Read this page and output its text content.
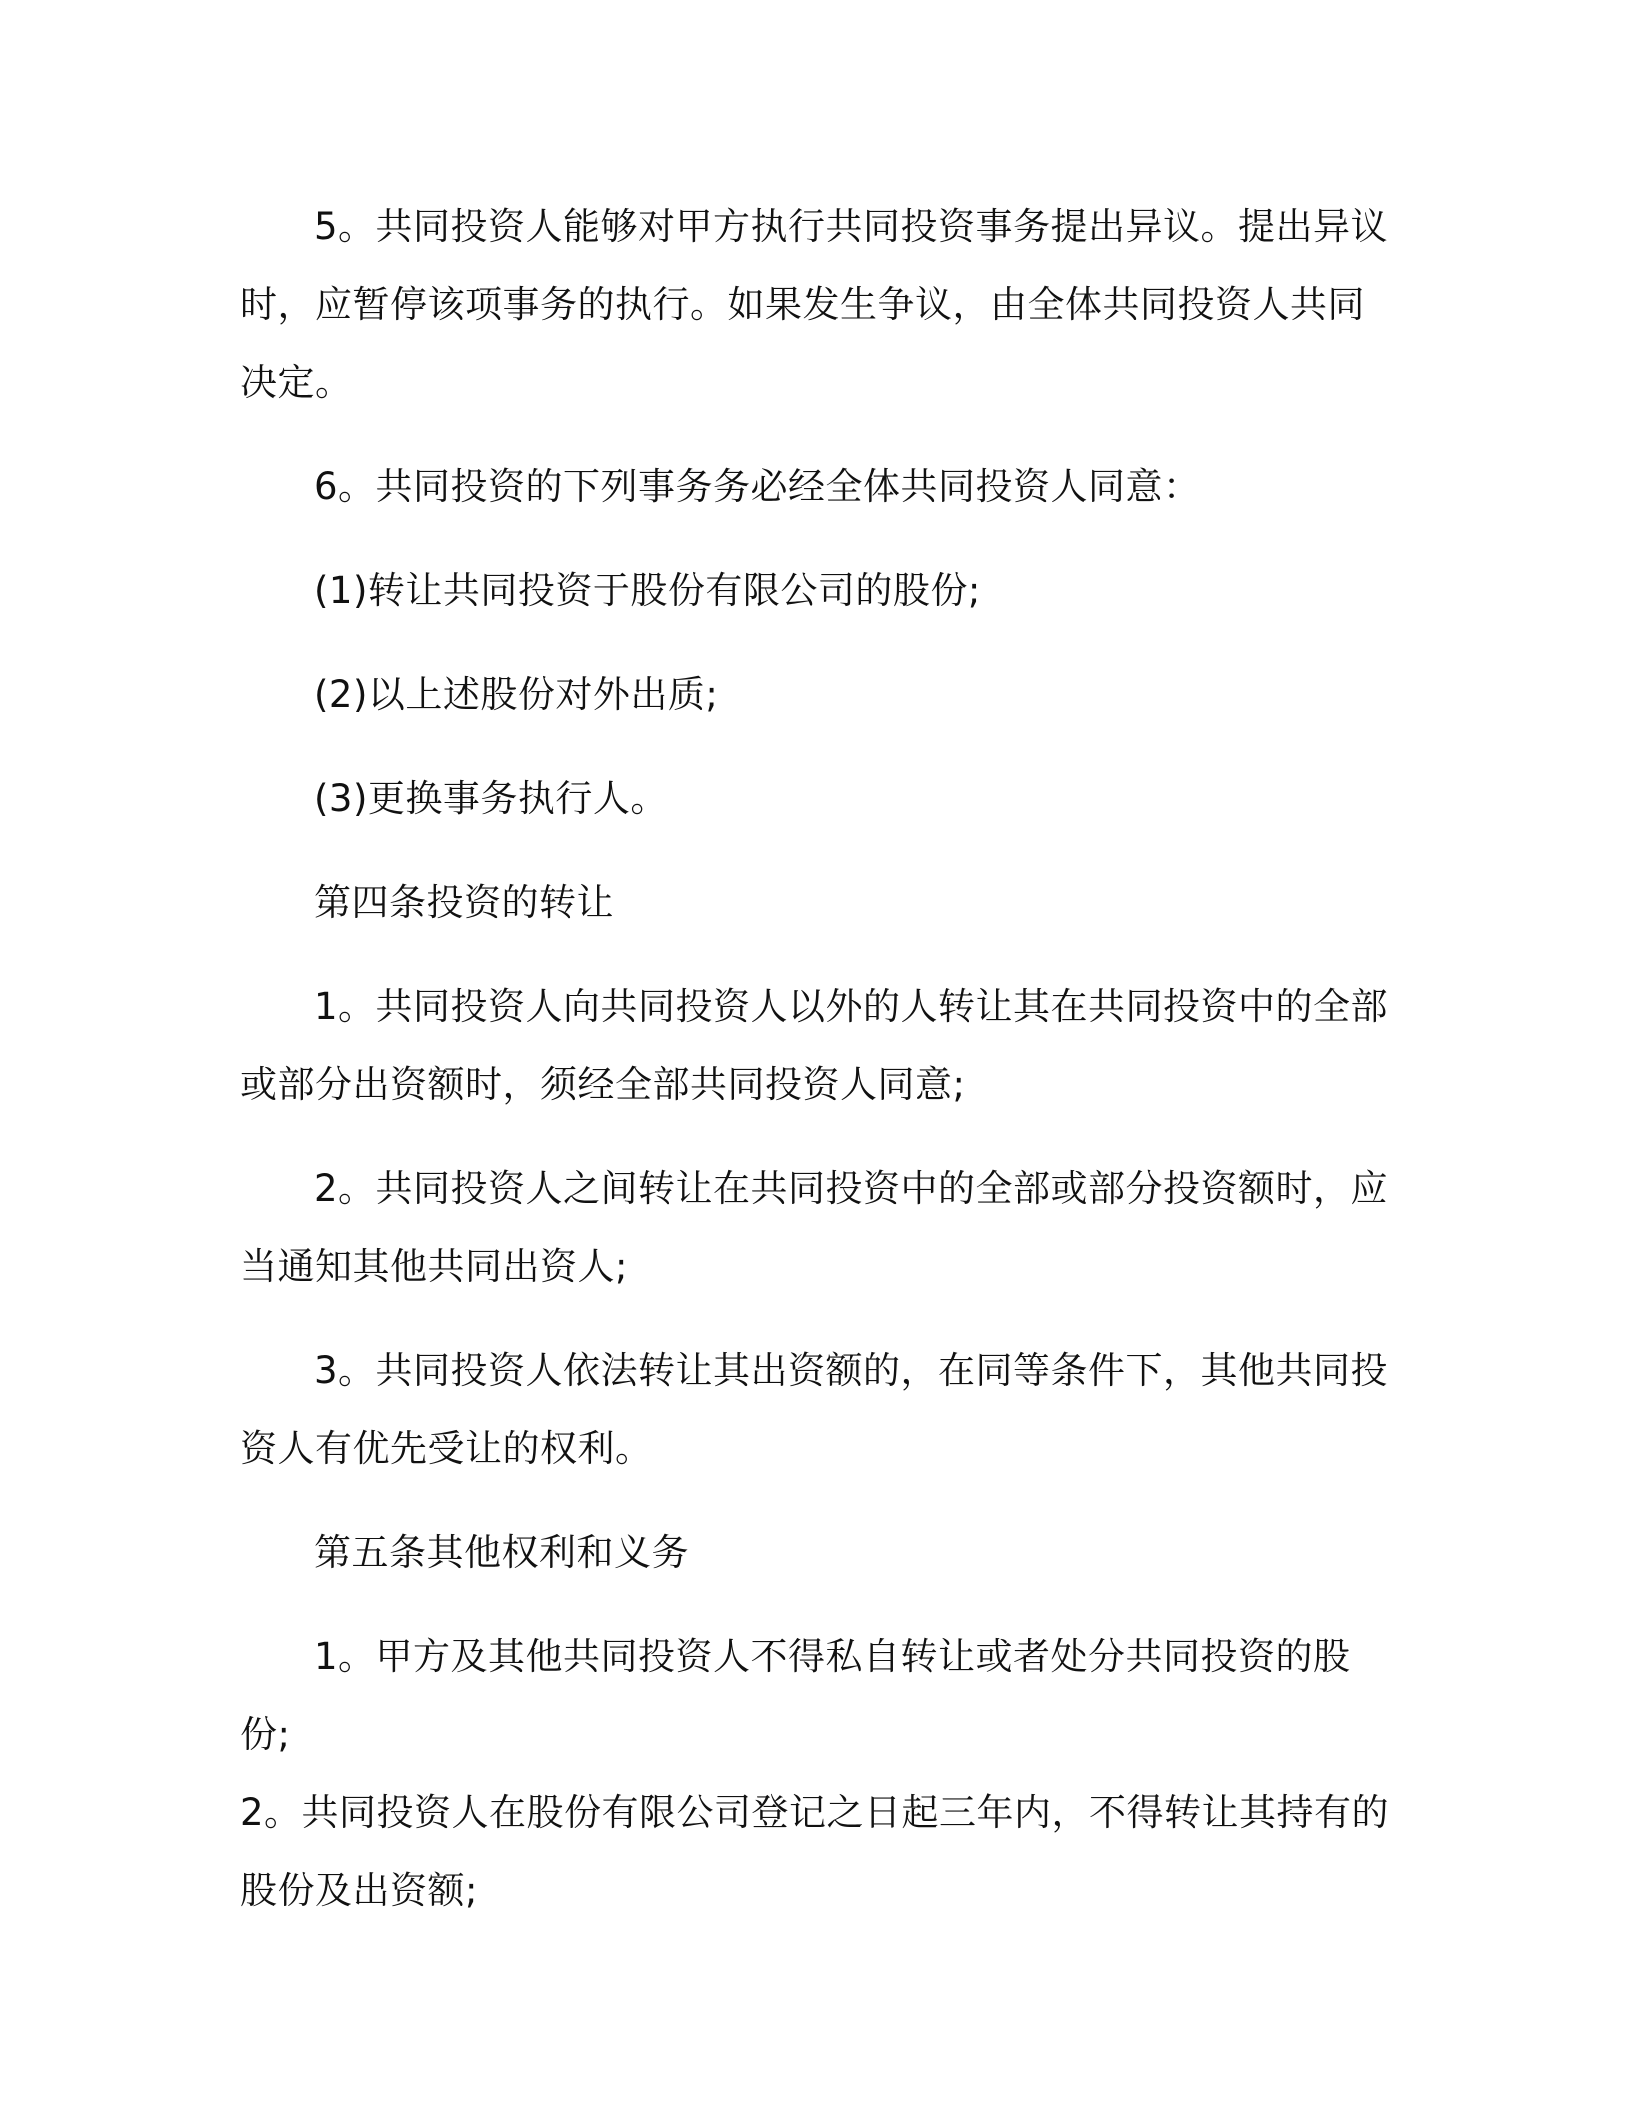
5。共同投资人能够对甲方执行共同投资事务提出异议。提出异议时，应暂停该项事务的执行。如果发生争议，由全体共同投资人共同决定。

6。共同投资的下列事务务必经全体共同投资人同意：

(1)转让共同投资于股份有限公司的股份;

(2)以上述股份对外出质;

(3)更换事务执行人。

第四条投资的转让

1。共同投资人向共同投资人以外的人转让其在共同投资中的全部或部分出资额时，须经全部共同投资人同意;

2。共同投资人之间转让在共同投资中的全部或部分投资额时，应当通知其他共同出资人;

3。共同投资人依法转让其出资额的，在同等条件下，其他共同投资人有优先受让的权利。

第五条其他权利和义务

1。甲方及其他共同投资人不得私自转让或者处分共同投资的股份;

2。共同投资人在股份有限公司登记之日起三年内，不得转让其持有的股份及出资额;
